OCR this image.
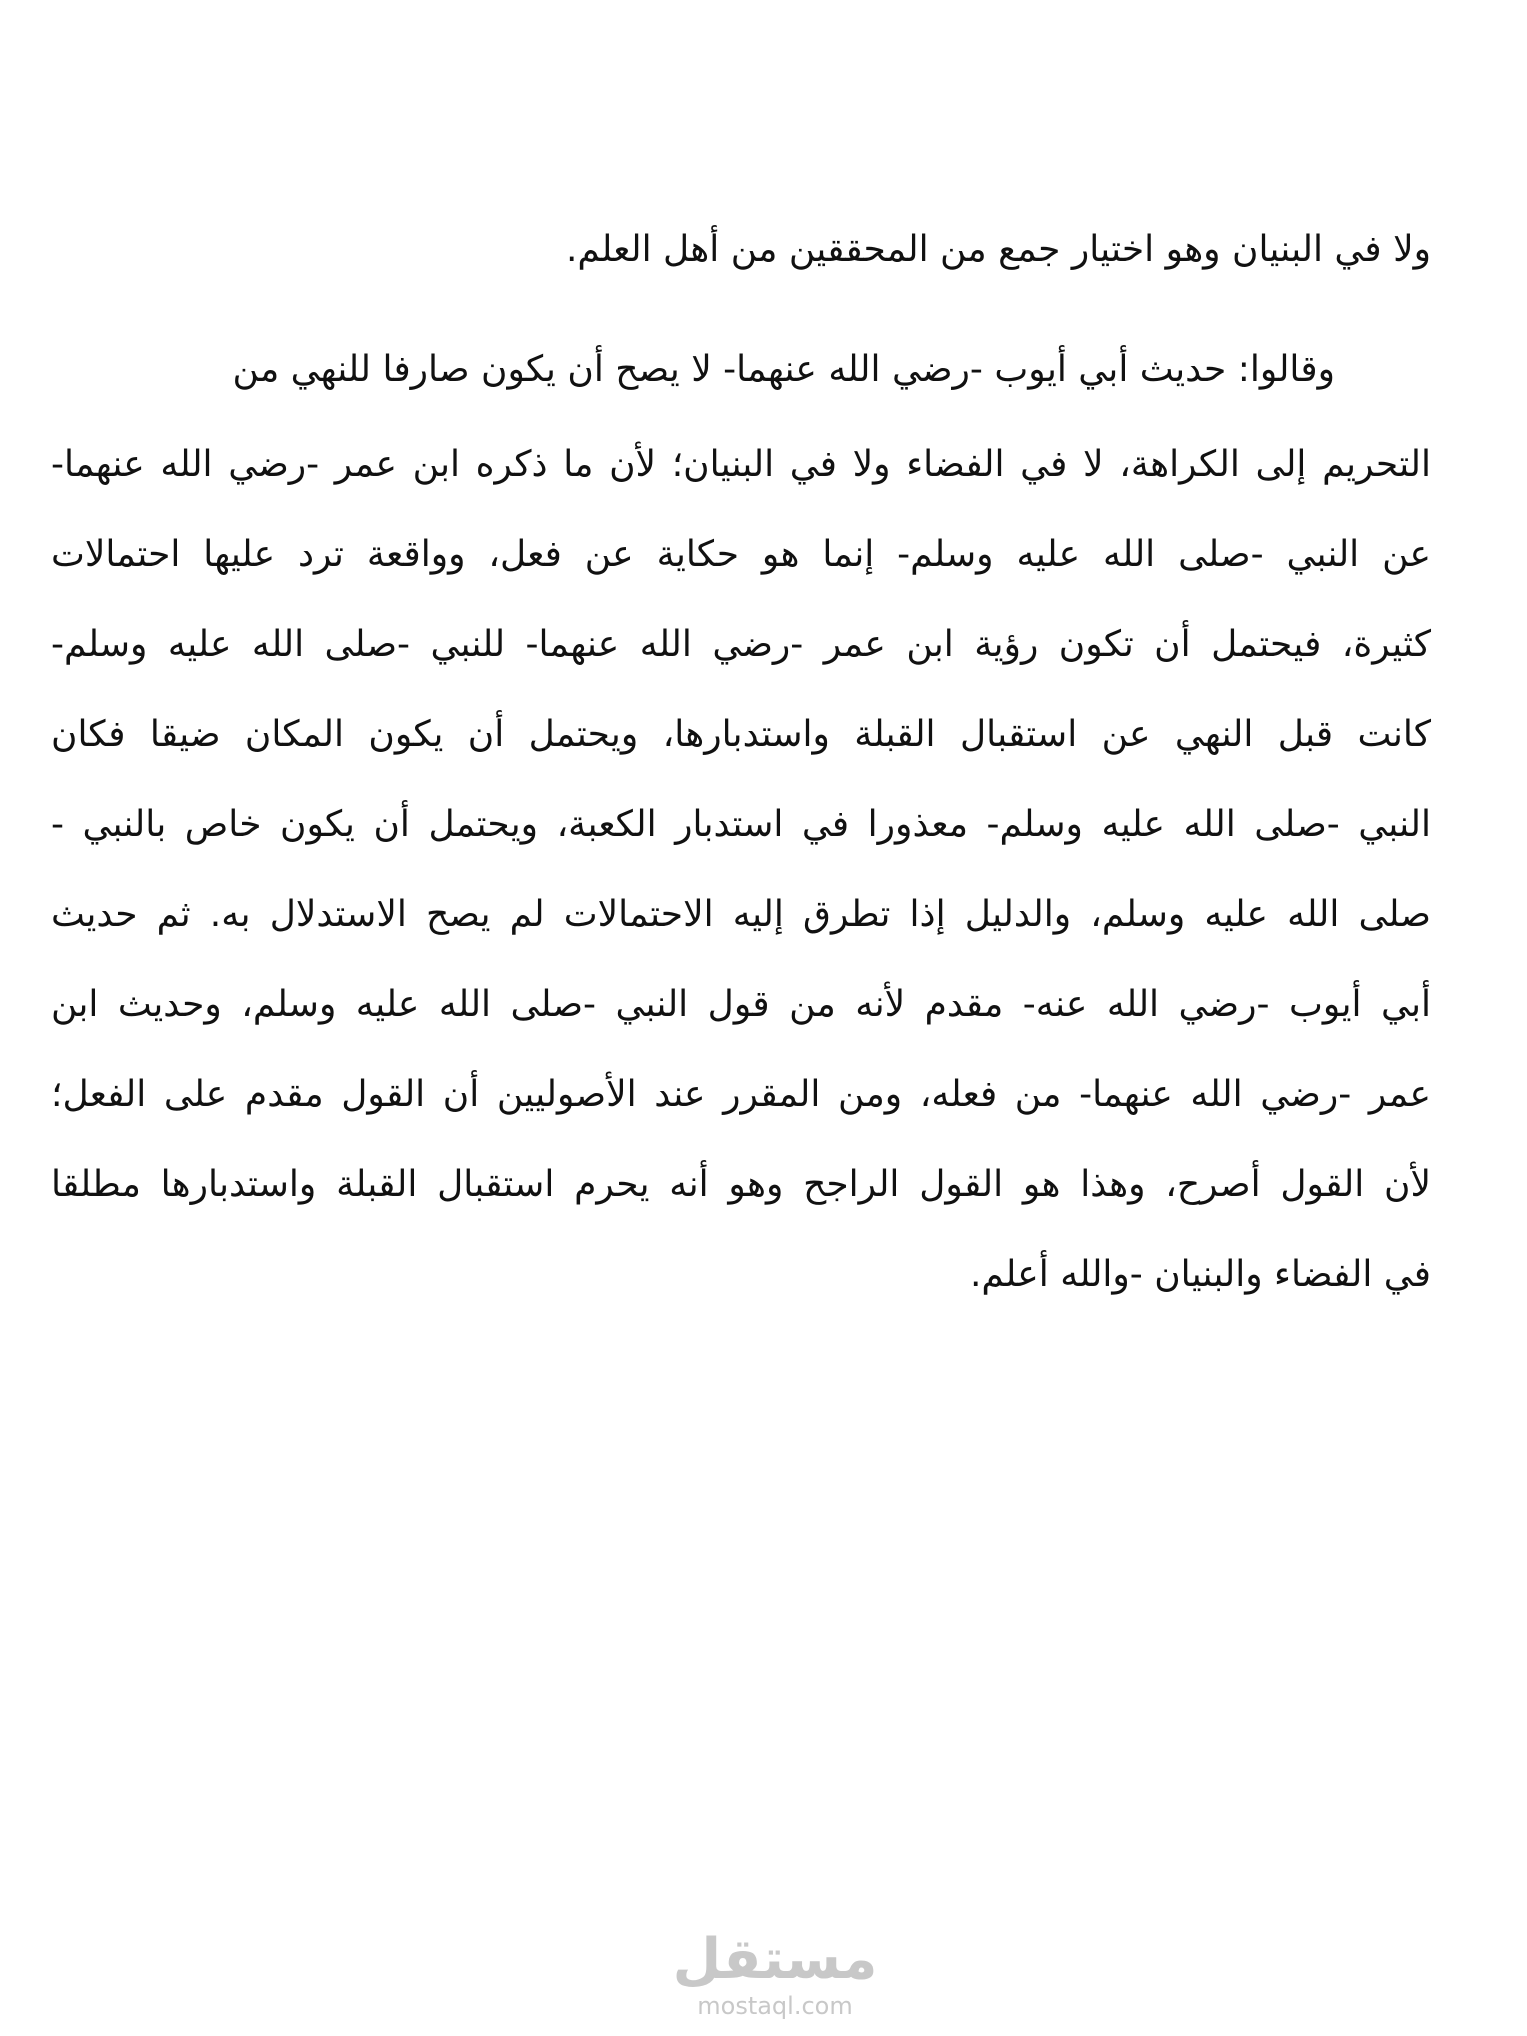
ولا في البنيان وهو اختيار جمع من المحققين من أهل العلم.
وقالوا: حديث أبي أيوب -رضي الله عنهما- لا يصح أن يكون صارفا للنهي من
التحريم إلى الكراهة، لا في الفضاء ولا في البنيان؛ لأن ما ذكره ابن عمر -رضي الله عنهما-
عن النبي -صلى الله عليه وسلم- إنما هو حكاية عن فعل، وواقعة ترد عليها احتمالات
كثيرة، فيحتمل أن تكون رؤية ابن عمر -رضي الله عنهما- للنبي -صلى الله عليه وسلم-
كانت قبل النهي عن استقبال القبلة واستدبارها، ويحتمل أن يكون المكان ضيقا فكان
النبي -صلى الله عليه وسلم- معذورا في استدبار الكعبة، ويحتمل أن يكون خاص بالنبي -
صلى الله عليه وسلم، والدليل إذا تطرق إليه الاحتمالات لم يصح الاستدلال به. ثم حديث
أبي أيوب -رضي الله عنه- مقدم لأنه من قول النبي -صلى الله عليه وسلم، وحديث ابن
عمر -رضي الله عنهما- من فعله، ومن المقرر عند الأصوليين أن القول مقدم على الفعل؛
لأن القول أصرح، وهذا هو القول الراجح وهو أنه يحرم استقبال القبلة واستدبارها مطلقا
في الفضاء والبنيان -والله أعلم.
مستقل
mostaql.com
